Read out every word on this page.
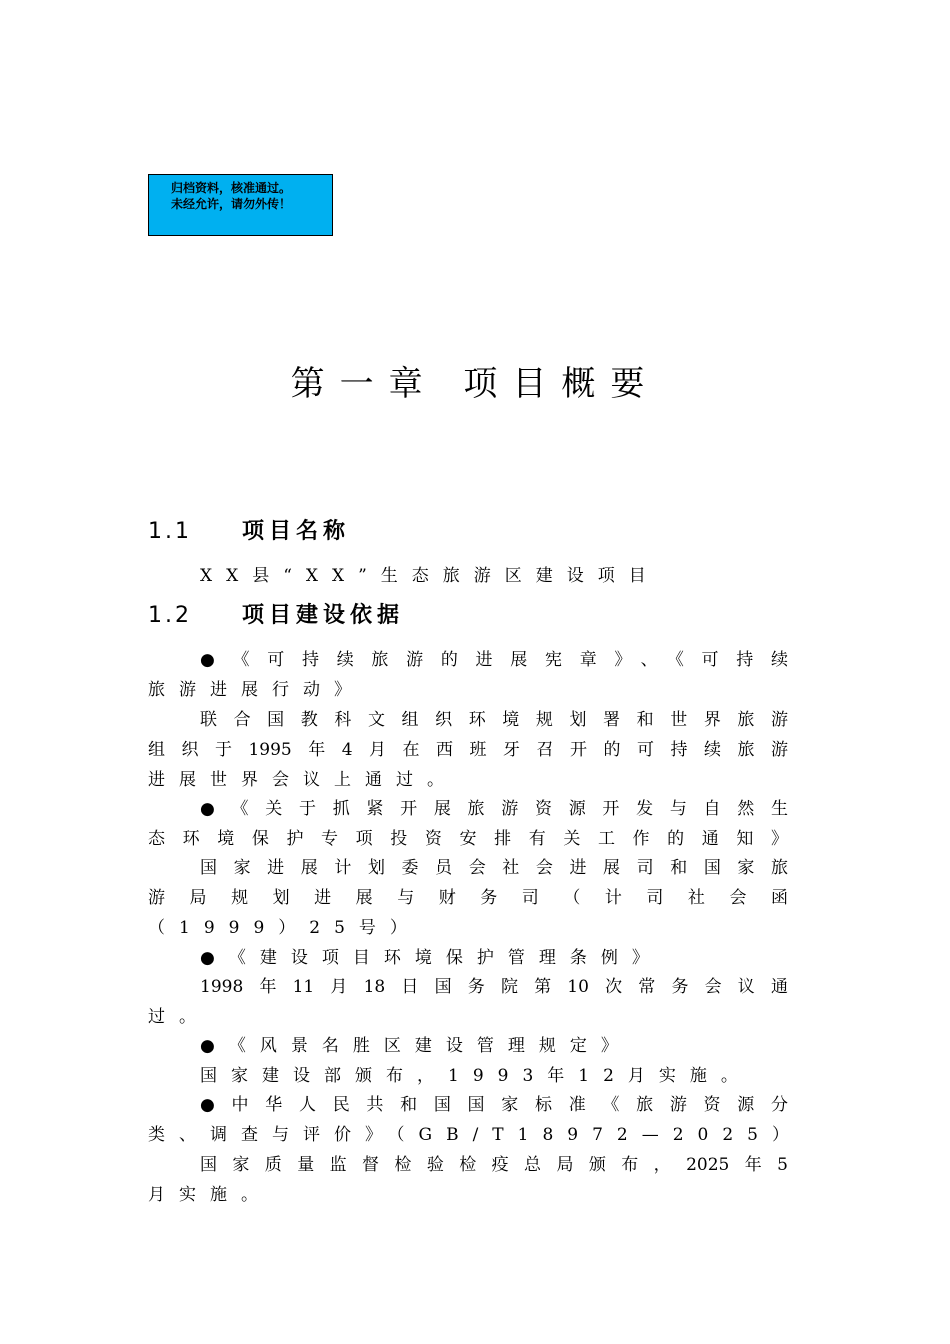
归档资料，核准通过。
未经允许，请勿外传！
第一章 项目概要
1.1 项目名称
XX县“XX”生态旅游区建设项目
1.2 项目建设依据
●《可持续旅游的进展宪章》、《可持续
旅游进展行动》
联合国教科文组织环境规划署和世界旅游
组织于1995年4月在西班牙召开的可持续旅游
进展世界会议上通过。
●《关于抓紧开展旅游资源开发与自然生
态环境保护专项投资安排有关工作的通知》
国家进展计划委员会社会进展司和国家旅
游局规划进展与财务司（计司社会函
（1999）25号）
●《建设项目环境保护管理条例》
1998年11月18日国务院第10次常务会议通
过。
●《风景名胜区建设管理规定》
国家建设部颁布，1993年12月实施。
●中华人民共和国国家标准《旅游资源分
类、调查与评价》（GB/T18972—2025）
国家质量监督检验检疫总局颁布，2025年5
月实施。
